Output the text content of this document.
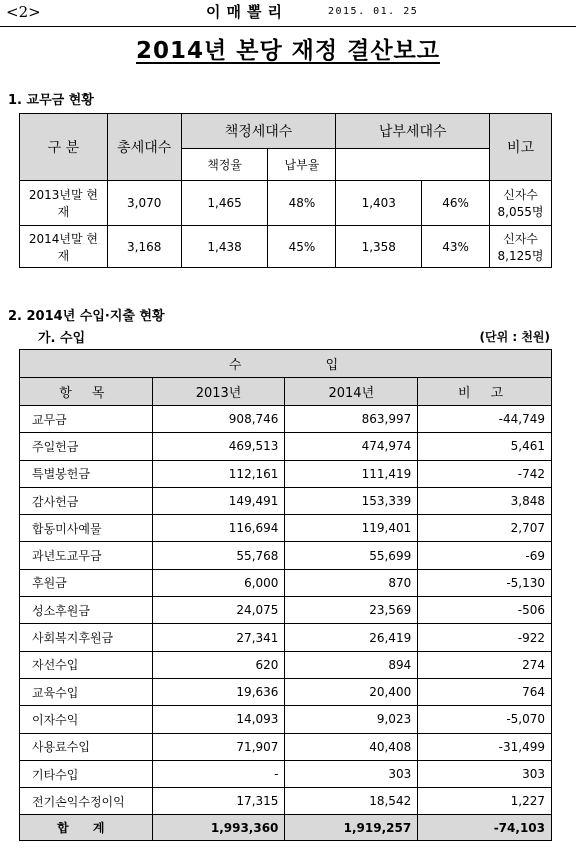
<2>	이매뽈리	2015. 01. 25
2014년 본당 재정 결산보고
1. 교무금 현황
구 분	총세대수	책정세대수		납부세대수		비고
		책정율	납부율			
2013년말 현재	3,070	1,465	48%	1,403	46%	신자수 8,055명
2014년말 현재	3,168	1,438	45%	1,358	43%	신자수 8,125명
2. 2014년 수입·지출 현황
가. 수입	(단위 : 천원)
수 입			
항 목	2013년	2014년	비 고
교무금	908,746	863,997	-44,749
주일헌금	469,513	474,974	5,461
특별봉헌금	112,161	111,419	-742
감사헌금	149,491	153,339	3,848
합동미사예물	116,694	119,401	2,707
과년도교무금	55,768	55,699	-69
후원금	6,000	870	-5,130
성소후원금	24,075	23,569	-506
사회복지후원금	27,341	26,419	-922
자선수입	620	894	274
교육수입	19,636	20,400	764
이자수익	14,093	9,023	-5,070
사용료수입	71,907	40,408	-31,499
기타수입	-	303	303
전기손익수정이익	17,315	18,542	1,227
합 계	1,993,360	1,919,257	-74,103
